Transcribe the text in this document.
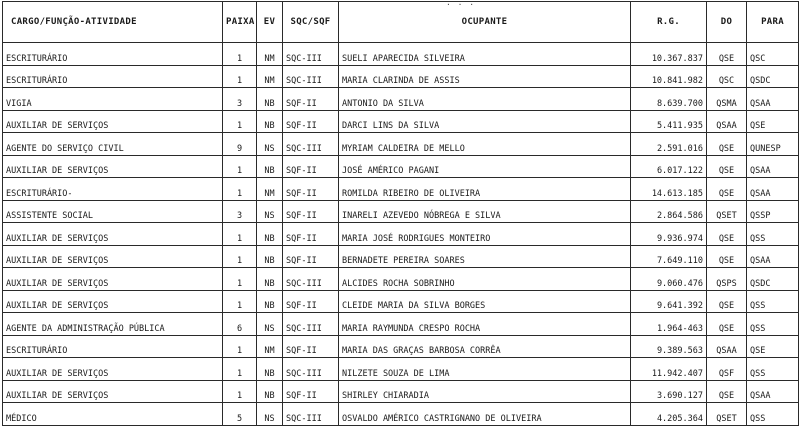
· · ·
CARGO/FUNÇÃO-ATIVIDADE	PAIXA	EV	SQC/SQF	OCUPANTE	R.G.	DO	PARA
ESCRITURÁRIO	1	NM	SQC-III	SUELI APARECIDA SILVEIRA	10.367.837	QSE	QSC
ESCRITURÁRIO	1	NM	SQC-III	MARIA CLARINDA DE ASSIS	10.841.982	QSC	QSDC
VIGIA	3	NB	SQF-II	ANTONIO DA SILVA	8.639.700	QSMA	QSAA
AUXILIAR DE SERVIÇOS	1	NB	SQF-II	DARCI LINS DA SILVA	5.411.935	QSAA	QSE
AGENTE DO SERVIÇO CIVIL	9	NS	SQC-III	MYRIAM CALDEIRA DE MELLO	2.591.016	QSE	QUNESP
AUXILIAR DE SERVIÇOS	1	NB	SQF-II	JOSÉ AMÉRICO PAGANI	6.017.122	QSE	QSAA
ESCRITURÁRIO-	1	NM	SQF-II	ROMILDA RIBEIRO DE OLIVEIRA	14.613.185	QSE	QSAA
ASSISTENTE SOCIAL	3	NS	SQF-II	INARELI AZEVEDO NÓBREGA E SILVA	2.864.586	QSET	QSSP
AUXILIAR DE SERVIÇOS	1	NB	SQF-II	MARIA JOSÉ RODRIGUES MONTEIRO	9.936.974	QSE	QSS
AUXILIAR DE SERVIÇOS	1	NB	SQF-II	BERNADETE PEREIRA SOARES	7.649.110	QSE	QSAA
AUXILIAR DE SERVIÇOS	1	NB	SQC-III	ALCIDES ROCHA SOBRINHO	9.060.476	QSPS	QSDC
AUXILIAR DE SERVIÇOS	1	NB	SQF-II	CLEIDE MARIA DA SILVA BORGES	9.641.392	QSE	QSS
AGENTE DA ADMINISTRAÇÃO PÚBLICA	6	NS	SQC-III	MARIA RAYMUNDA CRESPO ROCHA	1.964-463	QSE	QSS
ESCRITURÁRIO	1	NM	SQF-II	MARIA DAS GRAÇAS BARBOSA CORRÊA	9.389.563	QSAA	QSE
AUXILIAR DE SERVIÇOS	1	NB	SQC-III	NILZETE SOUZA DE LIMA	11.942.407	QSF	QSS
AUXILIAR DE SERVIÇOS	1	NB	SQF-II	SHIRLEY CHIARADIA	3.690.127	QSE	QSAA
MÉDICO	5	NS	SQC-III	OSVALDO AMÉRICO CASTRIGNANO DE OLIVEIRA	4.205.364	QSET	QSS
